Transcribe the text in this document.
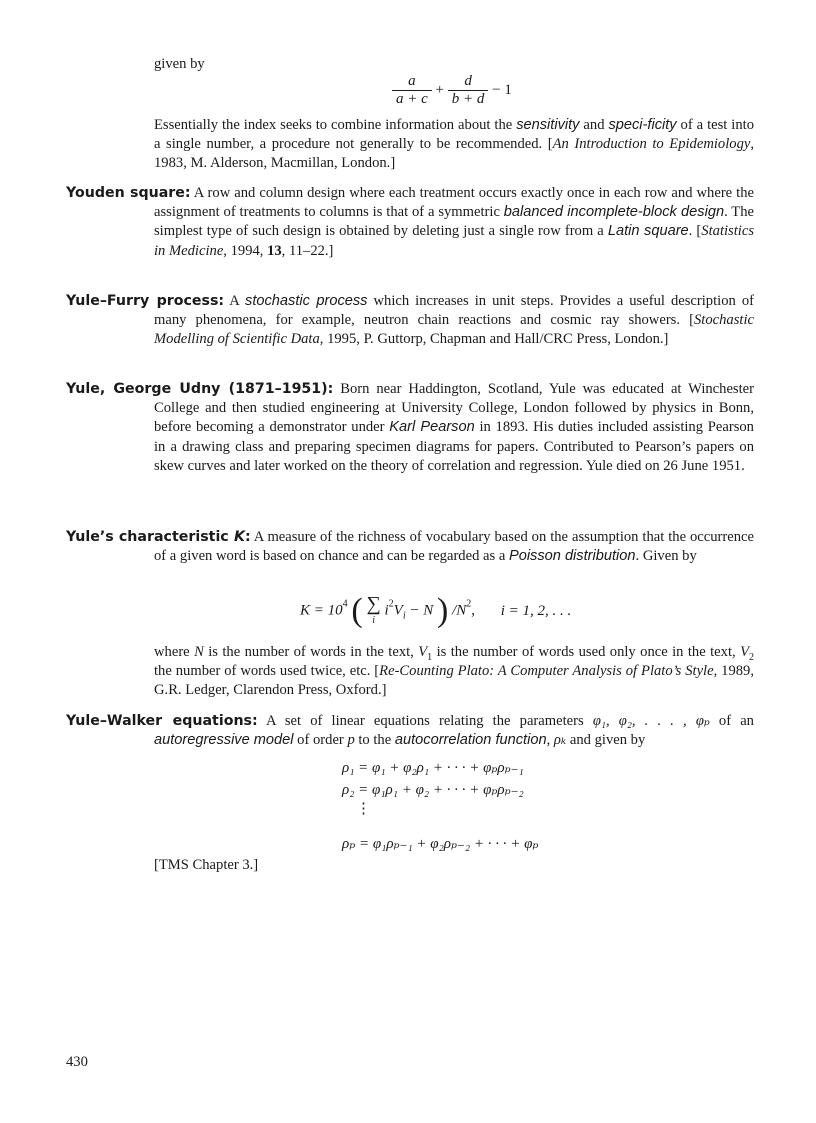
given by
$\frac{a}{a + c} + \frac{d}{b + d} - 1$
Essentially the index seeks to combine information about the sensitivity and speci-ficity of a test into a single number, a procedure not generally to be recommended. [An Introduction to Epidemiology, 1983, M. Alderson, Macmillan, London.]
Youden square: A row and column design where each treatment occurs exactly once in each row and where the assignment of treatments to columns is that of a symmetric balanced incomplete-block design. The simplest type of such design is obtained by deleting just a single row from a Latin square. [Statistics in Medicine, 1994, 13, 11–22.]
Yule–Furry process: A stochastic process which increases in unit steps. Provides a useful description of many phenomena, for example, neutron chain reactions and cosmic ray showers. [Stochastic Modelling of Scientific Data, 1995, P. Guttorp, Chapman and Hall/CRC Press, London.]
Yule, George Udny (1871–1951): Born near Haddington, Scotland, Yule was educated at Winchester College and then studied engineering at University College, London followed by physics in Bonn, before becoming a demonstrator under Karl Pearson in 1893. His duties included assisting Pearson in a drawing class and preparing specimen diagrams for papers. Contributed to Pearson’s papers on skew curves and later worked on the theory of correlation and regression. Yule died on 26 June 1951.
Yule’s characteristic K: A measure of the richness of vocabulary based on the assumption that the occurrence of a given word is based on chance and can be regarded as a Poisson distribution. Given by
$K = 10^4$ ( ∑
i
$i^2V_i - N$ ) $/N^2$, i = 1, 2, . . .
where N is the number of words in the text, $V_1$ is the number of words used only once in the text, $V_2$ the number of words used twice, etc. [Re-Counting Plato: A Computer Analysis of Plato’s Style, 1989, G.R. Ledger, Clarendon Press, Oxford.]
Yule–Walker equations: A set of linear equations relating the parameters φ₁, φ₂, . . . , φₚ of an autoregressive model of order p to the autocorrelation function, ρₖ and given by
ρ₁ = φ₁ + φ₂ρ₁ + · · · + φₚρₚ₋₁
ρ₂ = φ₁ρ₁ + φ₂ + · · · + φₚρₚ₋₂
⋮
ρₚ = φ₁ρₚ₋₁ + φ₂ρₚ₋₂ + · · · + φₚ
[TMS Chapter 3.]
430
